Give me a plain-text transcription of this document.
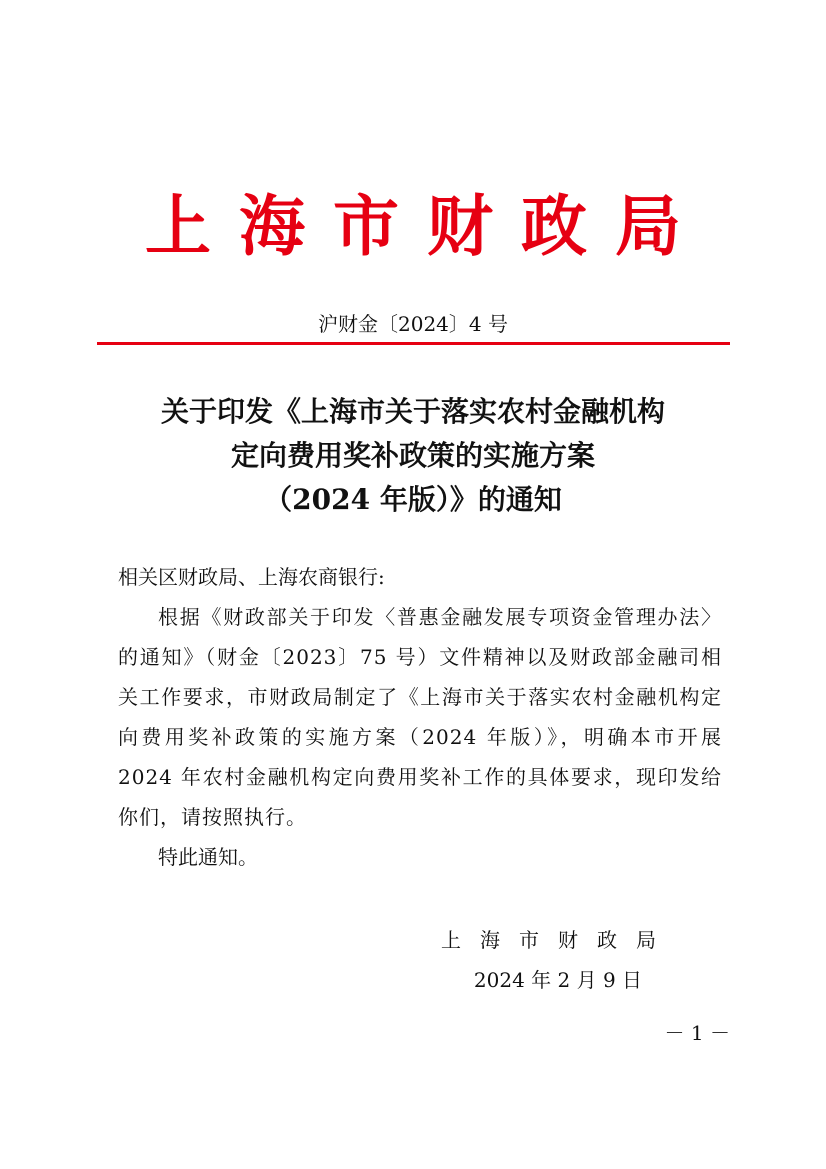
上海市财政局
沪财金〔2024〕4 号
关于印发《上海市关于落实农村金融机构
定向费用奖补政策的实施方案
（2024 年版）》的通知
相关区财政局、上海农商银行:
根据《财政部关于印发〈普惠金融发展专项资金管理办法〉的通知》（财金〔2023〕75 号）文件精神以及财政部金融司相关工作要求，市财政局制定了《上海市关于落实农村金融机构定向费用奖补政策的实施方案（2024 年版）》，明确本市开展 2024 年农村金融机构定向费用奖补工作的具体要求，现印发给你们，请按照执行。
特此通知。
上海市财政局
2024 年 2 月 9 日
－ 1 －
